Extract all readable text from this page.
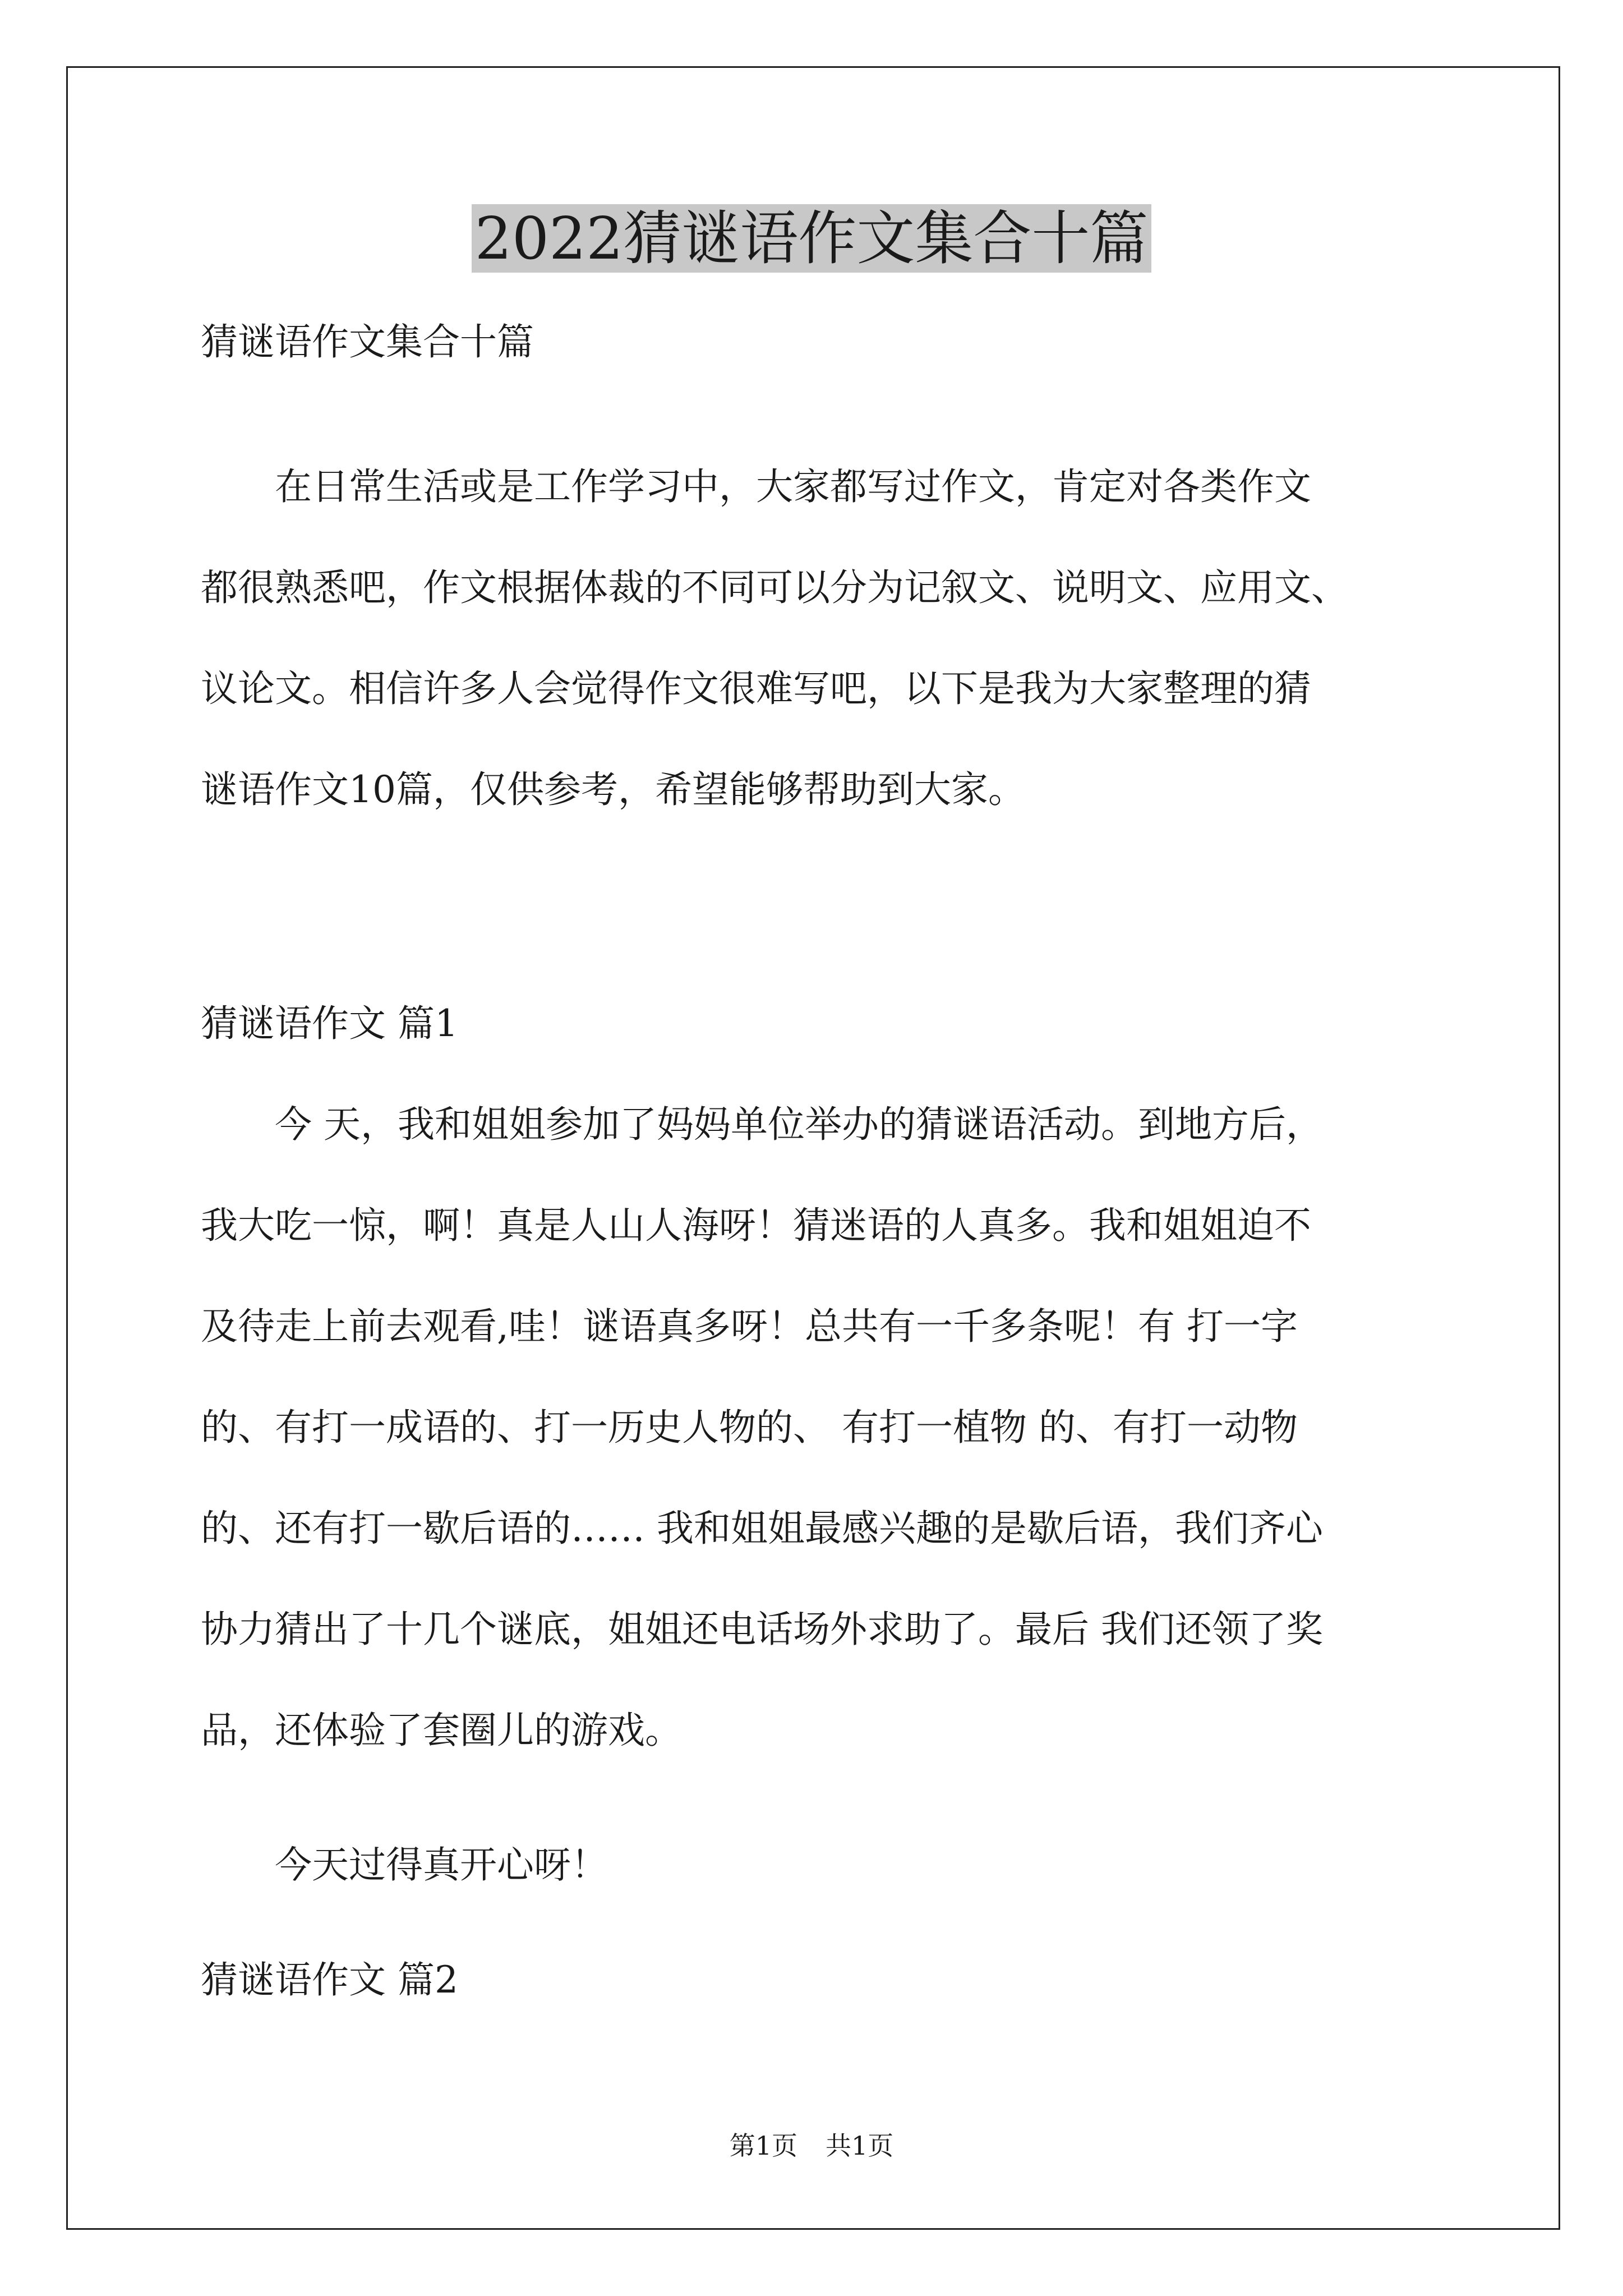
2022猜谜语作文集合十篇
猜谜语作文集合十篇
　　在日常生活或是工作学习中，大家都写过作文，肯定对各类作文
都很熟悉吧，作文根据体裁的不同可以分为记叙文、说明文、应用文、
议论文。相信许多人会觉得作文很难写吧，以下是我为大家整理的猜
谜语作文10篇，仅供参考，希望能够帮助到大家。
猜谜语作文 篇1
　　今 天，我和姐姐参加了妈妈单位举办的猜谜语活动。到地方后，
我大吃一惊，啊！真是人山人海呀！猜迷语的人真多。我和姐姐迫不
及待走上前去观看,哇！谜语真多呀！总共有一千多条呢！有 打一字
的、有打一成语的、打一历史人物的、 有打一植物 的、有打一动物
的、还有打一歇后语的…… 我和姐姐最感兴趣的是歇后语，我们齐心
协力猜出了十几个谜底，姐姐还电话场外求助了。最后 我们还领了奖
品，还体验了套圈儿的游戏。
　　今天过得真开心呀！
猜谜语作文 篇2
第1页 共1页
